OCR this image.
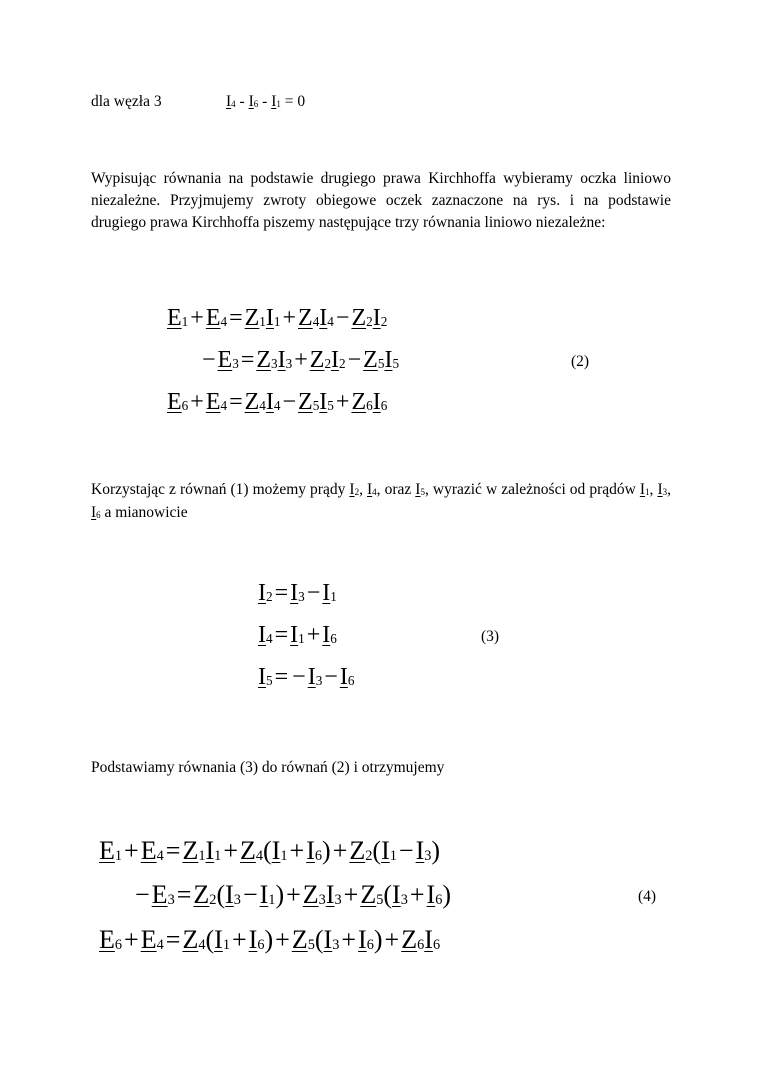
dla węzła 3	I4 - I6 - I1 = 0
Wypisując równania na podstawie drugiego prawa Kirchhoffa wybieramy oczka liniowo niezależne. Przyjmujemy zwroty obiegowe oczek zaznaczone na rys. i na podstawie drugiego prawa Kirchhoffa piszemy następujące trzy równania liniowo niezależne:
E1+E4=Z1I1+Z4I4−Z2I2
−E3=Z3I3+Z2I2−Z5I5
E6+E4=Z4I4−Z5I5+Z6I6
(2)
Korzystając z równań (1) możemy prądy I2, I4, oraz I5, wyrazić w zależności od prądów I1, I3, I6 a mianowicie
I2=I3−I1
I4=I1+I6
I5= −I3−I6
(3)
Podstawiamy równania (3) do równań (2) i otrzymujemy
E1+E4=Z1I1+Z4(I1+I6)+Z2(I1−I3)
−E3=Z2(I3−I1)+Z3I3+Z5(I3+I6)
E6+E4=Z4(I1+I6)+Z5(I3+I6)+Z6I6
(4)
